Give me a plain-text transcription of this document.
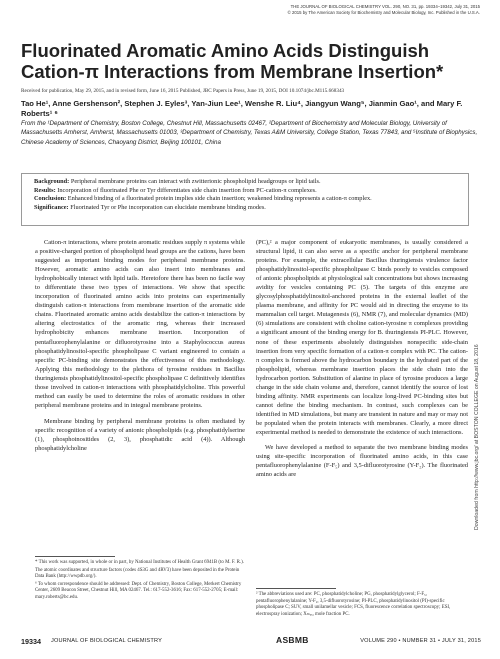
THE JOURNAL OF BIOLOGICAL CHEMISTRY VOL. 290, NO. 31, pp. 19334–19342, July 31, 2015
© 2015 by The American Society for Biochemistry and Molecular Biology, Inc. Published in the U.S.A.
Fluorinated Aromatic Amino Acids Distinguish Cation-π Interactions from Membrane Insertion*
Received for publication, May 29, 2015, and in revised form, June 16, 2015 Published, JBC Papers in Press, June 19, 2015, DOI 10.1074/jbc.M115.668343
Tao He¹, Anne Gershenson², Stephen J. Eyles³, Yan-Jiun Lee¹, Wenshe R. Liu⁴, Jiangyun Wang⁵, Jianmin Gao¹, and Mary F. Roberts¹ ⁶
From the ¹Department of Chemistry, Boston College, Chestnut Hill, Massachusetts 02467, ²Department of Biochemistry and Molecular Biology, University of Massachusetts Amherst, Amherst, Massachusetts 01003, ³Department of Chemistry, Texas A&M University, College Station, Texas 77843, and ⁵Institute of Biophysics, Chinese Academy of Sciences, Chaoyang District, Beijing 100101, China

Background: Peripheral membrane proteins can interact with zwitterionic phospholipid headgroups or lipid tails.

Results: Incorporation of fluorinated Phe or Tyr differentiates side chain insertion from PC-cation-π complexes.

Conclusion: Enhanced binding of a fluorinated protein implies side chain insertion; weakened binding represents a cation-π complex.

Significance: Fluorinated Tyr or Phe incorporation can elucidate membrane binding modes.

Downloaded from http://www.jbc.org/ at BOSTON COLLEGE on August 18, 2016

Cation-π interactions, where protein aromatic residues supply π systems while a positive-charged portion of phospholipid head groups are the cations, have been suggested as important binding modes for peripheral membrane proteins. However, aromatic amino acids can also insert into membranes and hydrophobically interact with lipid tails. Heretofore there has been no facile way to differentiate these two types of interactions. We show that specific incorporation of fluorinated amino acids into proteins can experimentally distinguish cation-π interactions from membrane insertion of the aromatic side chains. Fluorinated aromatic amino acids destabilize the cation-π interactions by altering electrostatics of the aromatic ring, whereas their increased hydrophobicity enhances membrane insertion. Incorporation of pentafluorophenylalanine or difluorotyrosine into a Staphylococcus aureus phosphatidylinositol-specific phospholipase C variant engineered to contain a specific PC-binding site demonstrates the effectiveness of this methodology. Applying this methodology to the plethora of tyrosine residues in Bacillus thuringiensis phosphatidylinositol-specific phospholipase C definitively identifies those involved in cation-π interactions with phosphatidylcholine. This powerful method can easily be used to determine the roles of aromatic residues in other peripheral membrane proteins and in integral membrane proteins.

Membrane binding by peripheral membrane proteins is often mediated by specific recognition of a variety of anionic phospholipids (e.g. phosphatidylserine (1), phosphoinositides (2, 3), phosphatidic acid (4)). Although phosphatidylcholine

* This work was supported, in whole or in part, by National Institutes of Health Grant 6941B (to M. F. R.).

The atomic coordinates and structure factors (codes 4S3G and 4RV3) have been deposited in the Protein Data Bank (http://wwpdb.org/).

⁶ To whom correspondence should be addressed: Dept. of Chemistry, Boston College, Merkert Chemistry Center, 2609 Beacon Street, Chestnut Hill, MA 02467. Tel.: 617-552-3616; Fax: 617-552-2705; E-mail: mary.roberts@bc.edu.

(PC),² a major component of eukaryotic membranes, is usually considered a structural lipid, it can also serve as a specific anchor for peripheral membrane proteins. For example, the extracellular Bacillus thuringiensis virulence factor phosphatidylinositol-specific phospholipase C binds poorly to vesicles composed of anionic phospholipids at physiological salt concentrations but shows increasing avidity for vesicles containing PC (5). The targets of this enzyme are glycosylphosphatidylinositol-anchored proteins in the external leaflet of the plasma membrane, and affinity for PC would aid in directing the enzyme to its mammalian cell target. Mutagenesis (6), NMR (7), and molecular dynamics (MD) (6) simulations are consistent with choline cation-tyrosine π complexes providing a significant amount of the binding energy for B. thuringiensis PI-PLC. However, none of these experiments absolutely distinguishes nonspecific side-chain insertion from very specific formation of a cation-π complex with PC. The cation-π complex is formed above the hydrocarbon boundary in the hydrated part of the phospholipid, whereas membrane insertion places the side chain into the hydrocarbon portion. Substitution of alanine in place of tyrosine produces a large change in the side chain volume and, therefore, cannot identify the source of lost binding affinity. NMR experiments can localize long-lived PC-binding sites but cannot define the binding mechanism. In contrast, such complexes can be identified in MD simulations, but many are transient in nature and may or may not be populated when the protein interacts with membranes. Clearly, a more direct experimental method is needed to demonstrate the existence of such interactions.

We have developed a method to separate the two membrane binding modes using site-specific incorporation of fluorinated amino acids, in this case pentafluorophenylalanine (F-F₅) and 3,5-difluorotyrosine (Y-F₂). The fluorinated amino acids are

² The abbreviations used are: PC, phosphatidylcholine; PG, phosphatidylglycerol; F-F₅, pentafluorophenylalanine; Y-F₂, 3,5-difluorotyrosine; PI-PLC, phosphatidylinositol (PI)-specific phospholipase C; SUV, small unilamellar vesicle; FCS, fluorescence correlation spectroscopy; ESI, electrospray ionization; Xₘₐₓ, mole fraction PC.

19334 JOURNAL OF BIOLOGICAL CHEMISTRY	ASBMB	VOLUME 290 • NUMBER 31 • JULY 31, 2015
